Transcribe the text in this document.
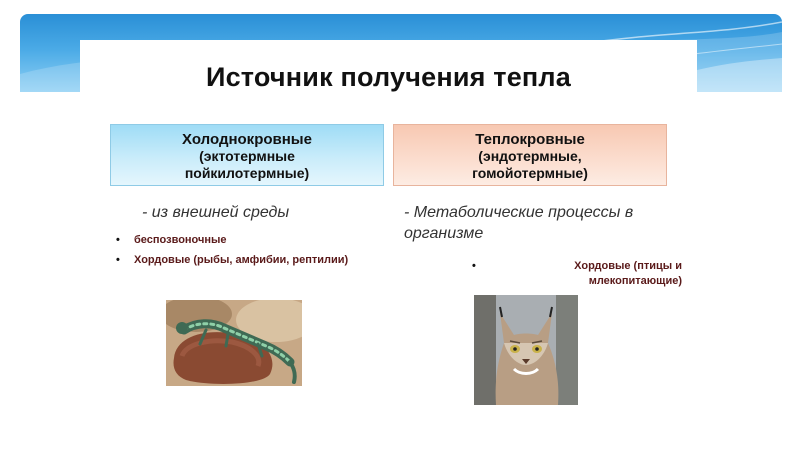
Источник получения тепла
Холоднокровные
(эктотермные
пойкилотермные)
Теплокровные
(эндотермные,
гомойотермные)
- из внешней среды	- Метаболические процессы в организме
• беспозвоночные
• Хордовые (рыбы, амфибии, рептилии)	•	Хордовые (птицы и млекопитающие)
